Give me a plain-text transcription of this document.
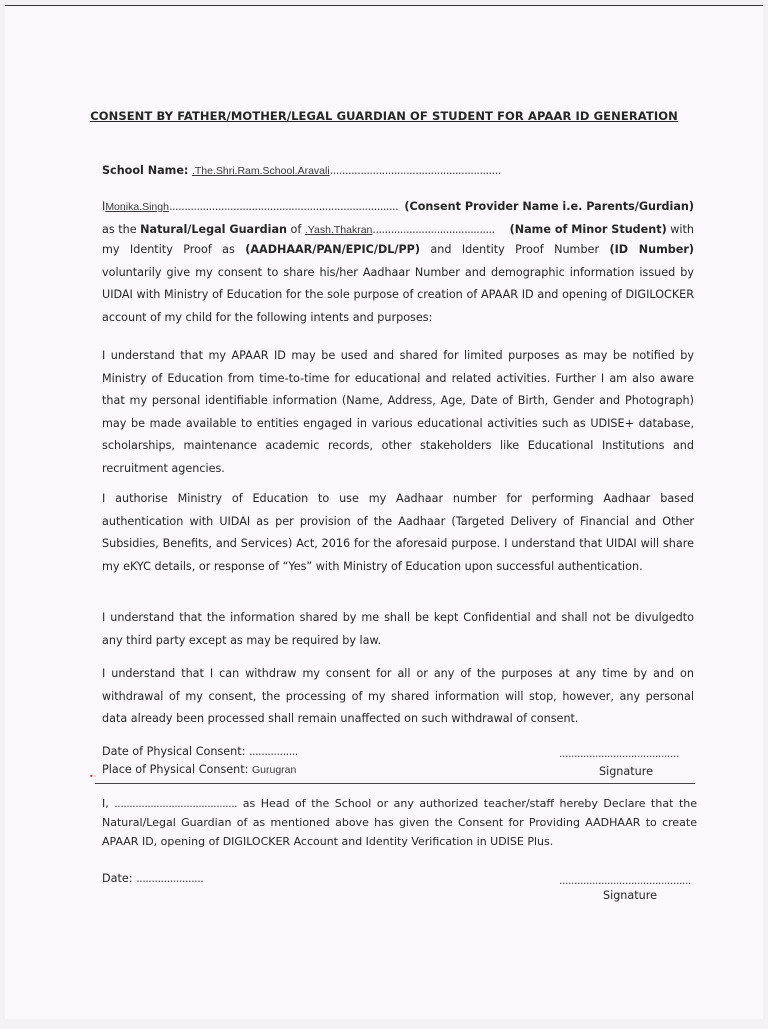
CONSENT BY FATHER/MOTHER/LEGAL GUARDIAN OF STUDENT FOR APAAR ID GENERATION
School Name: .The.Shri.Ram.School.Aravali........................................................
IMonika.Singh........................................................................... (Consent Provider Name i.e. Parents/Gurdian)
as the Natural/Legal Guardian of .Yash.Thakran........................................ (Name of Minor Student) with

my Identity Proof as (AADHAAR/PAN/EPIC/DL/PP) and Identity Proof Number (ID Number)

voluntarily give my consent to share his/her Aadhaar Number and demographic information issued by UIDAI with Ministry of Education for the sole purpose of creation of APAAR ID and opening of DIGILOCKER account of my child for the following intents and purposes:

I understand that my APAAR ID may be used and shared for limited purposes as may be notified by Ministry of Education from time-to-time for educational and related activities. Further I am also aware that my personal identifiable information (Name, Address, Age, Date of Birth, Gender and Photograph) may be made available to entities engaged in various educational activities such as UDISE+ database, scholarships, maintenance academic records, other stakeholders like Educational Institutions and recruitment agencies.

I authorise Ministry of Education to use my Aadhaar number for performing Aadhaar based authentication with UIDAI as per provision of the Aadhaar (Targeted Delivery of Financial and Other Subsidies, Benefits, and Services) Act, 2016 for the aforesaid purpose. I understand that UIDAI will share my eKYC details, or response of “Yes” with Ministry of Education upon successful authentication.

I understand that the information shared by me shall be kept Confidential and shall not be divulgedto any third party except as may be required by law.

I understand that I can withdraw my consent for all or any of the purposes at any time by and on withdrawal of my consent, the processing of my shared information will stop, however, any personal data already been processed shall remain unaffected on such withdrawal of consent.

Date of Physical Consent: ................
Place of Physical Consent: Gurugran
........................................
Signature
•·
I, ......................................... as Head of the School or any authorized teacher/staff hereby Declare that the Natural/Legal Guardian of as mentioned above has given the Consent for Providing AADHAAR to create APAAR ID, opening of DIGILOCKER Account and Identity Verification in UDISE Plus.
Date: ......................	............................................
Signature
